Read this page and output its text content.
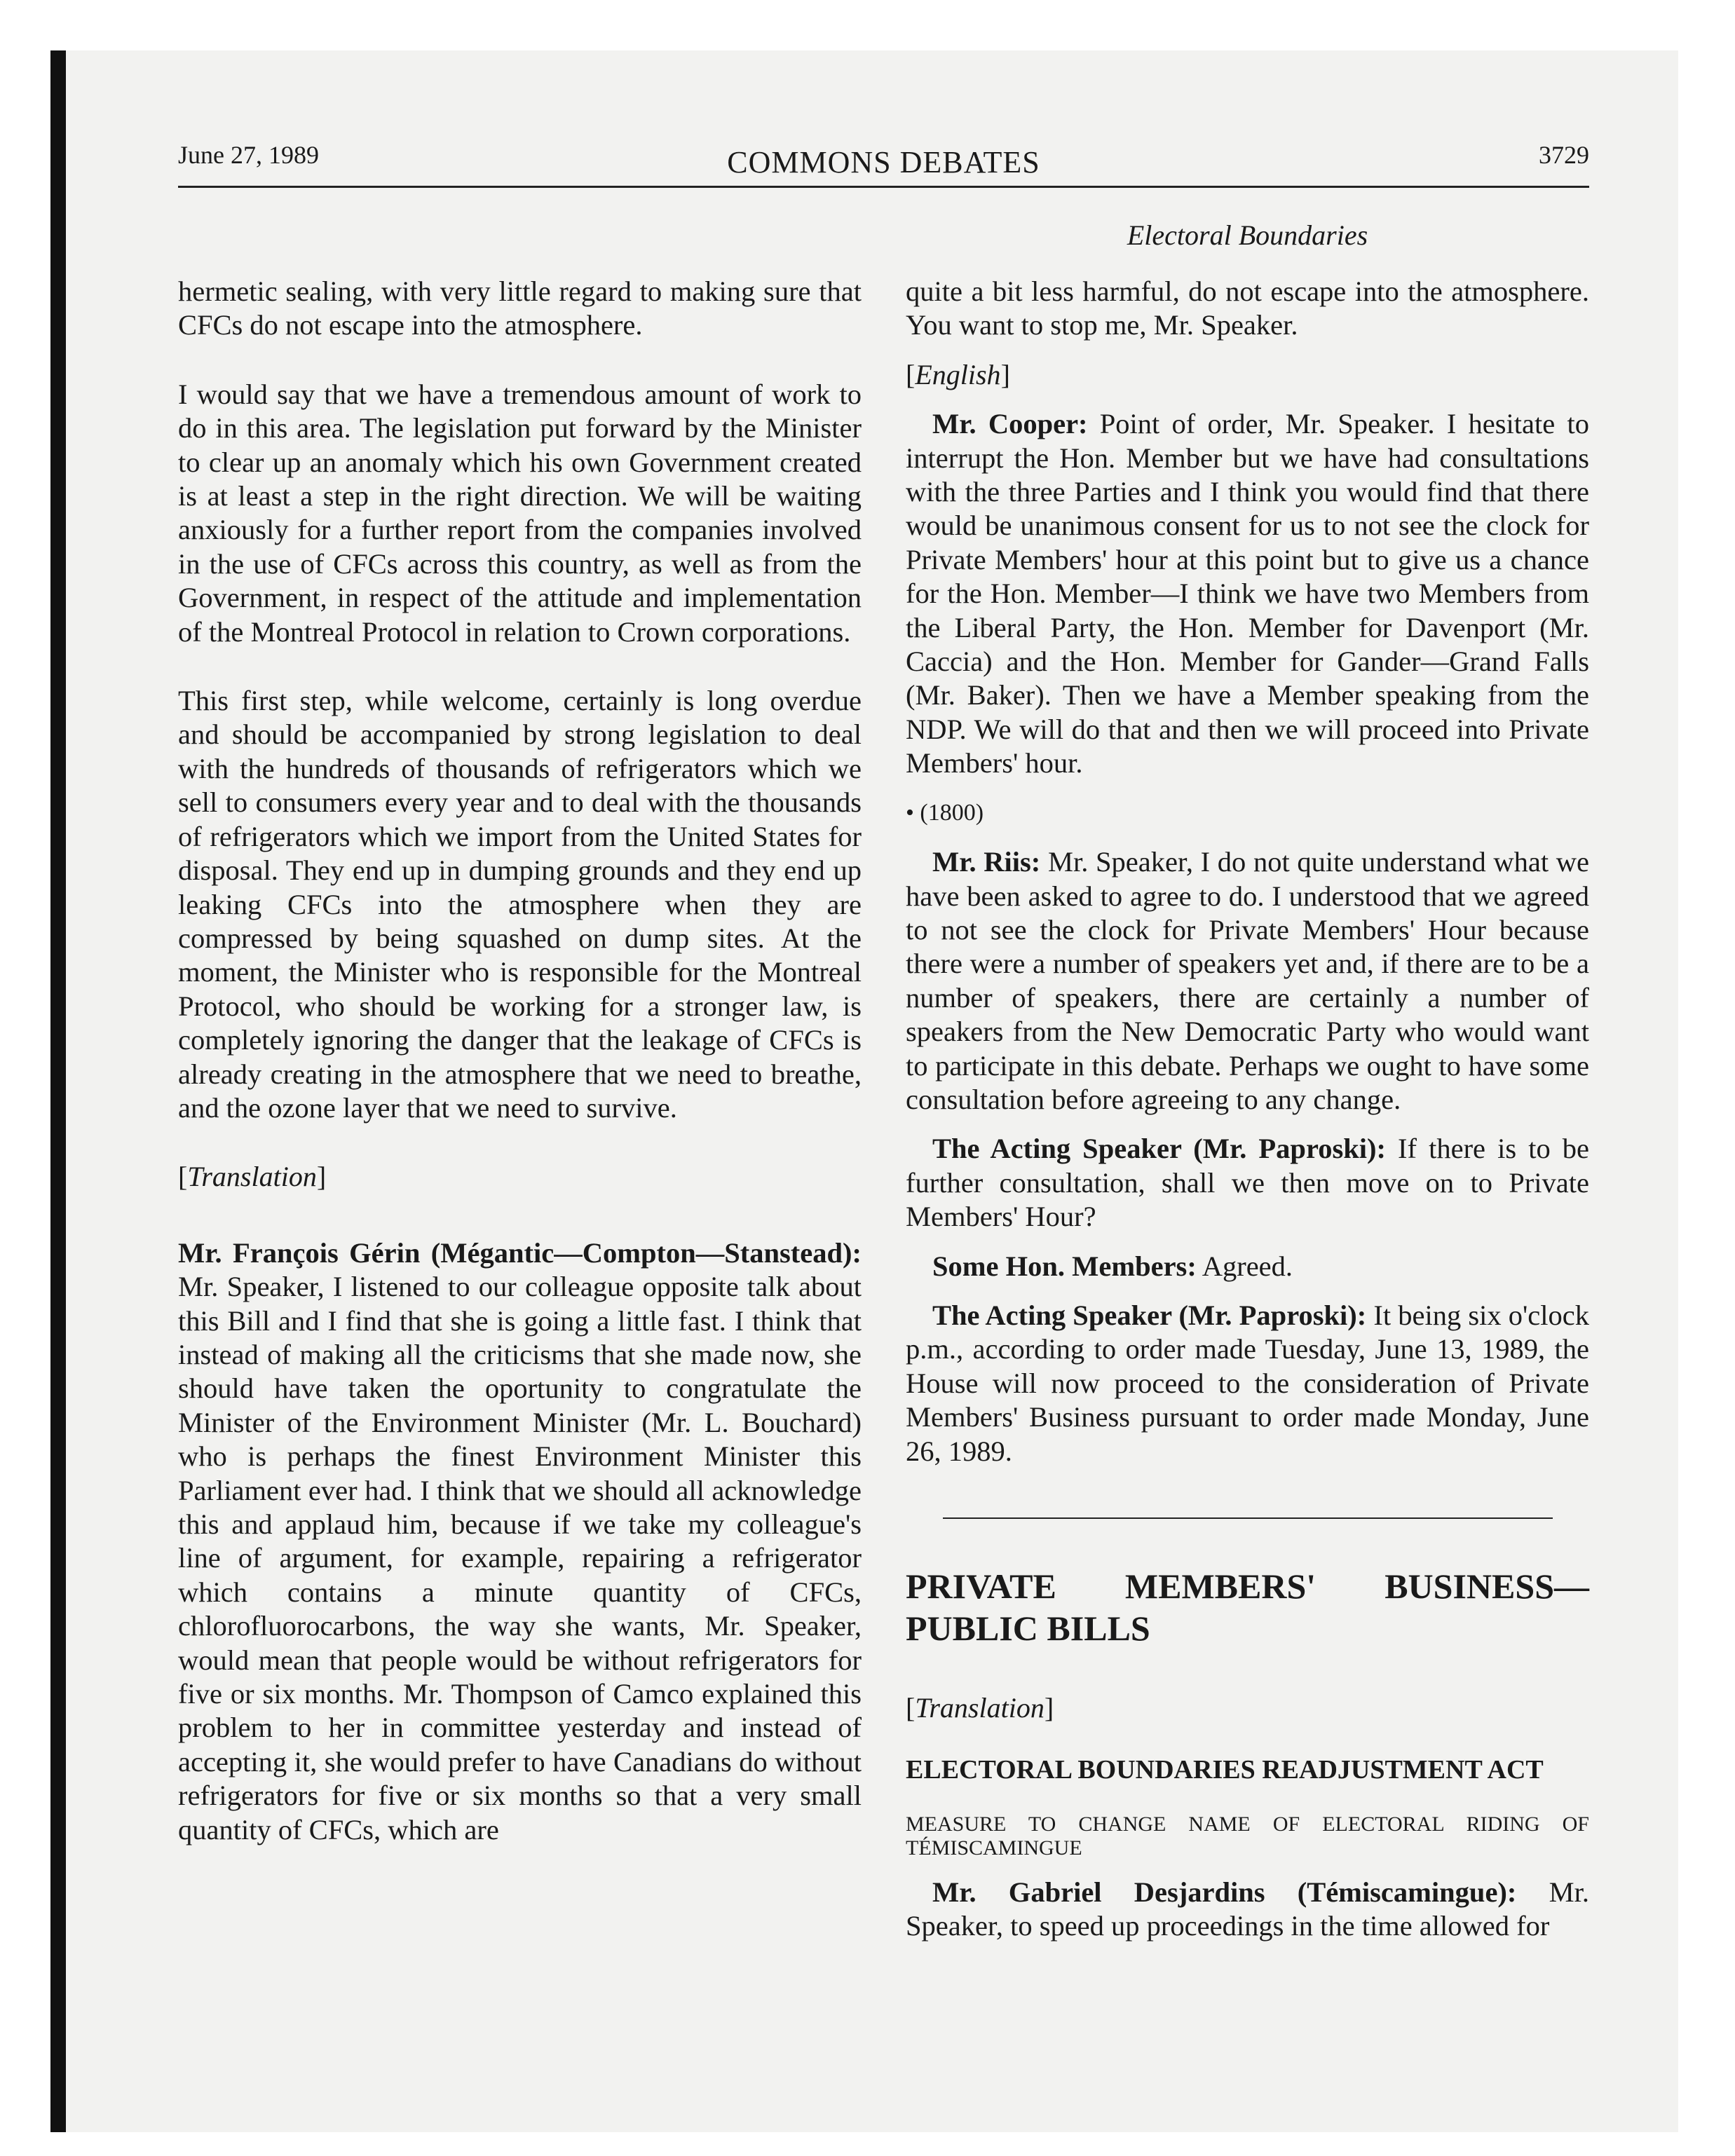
June 27, 1989	COMMONS DEBATES	3729
Electoral Boundaries

hermetic sealing, with very little regard to making sure that CFCs do not escape into the atmosphere.

I would say that we have a tremendous amount of work to do in this area. The legislation put forward by the Minister to clear up an anomaly which his own Government created is at least a step in the right direction. We will be waiting anxiously for a further report from the companies involved in the use of CFCs across this country, as well as from the Government, in respect of the attitude and implementation of the Montreal Protocol in relation to Crown corporations.

This first step, while welcome, certainly is long overdue and should be accompanied by strong legislation to deal with the hundreds of thousands of refrigerators which we sell to consumers every year and to deal with the thousands of refrigerators which we import from the United States for disposal. They end up in dumping grounds and they end up leaking CFCs into the atmosphere when they are compressed by being squashed on dump sites. At the moment, the Minister who is responsible for the Montreal Protocol, who should be working for a stronger law, is completely ignoring the danger that the leakage of CFCs is already creating in the atmosphere that we need to breathe, and the ozone layer that we need to survive.

[Translation]

Mr. François Gérin (Mégantic—Compton—Stanstead): Mr. Speaker, I listened to our colleague opposite talk about this Bill and I find that she is going a little fast. I think that instead of making all the criticisms that she made now, she should have taken the oportunity to congratulate the Minister of the Environment Minister (Mr. L. Bouchard) who is perhaps the finest Environment Minister this Parliament ever had. I think that we should all acknowledge this and applaud him, because if we take my colleague's line of argument, for example, repairing a refrigerator which contains a minute quantity of CFCs, chlorofluorocarbons, the way she wants, Mr. Speaker, would mean that people would be without refrigerators for five or six months. Mr. Thompson of Camco explained this problem to her in committee yesterday and instead of accepting it, she would prefer to have Canadians do without refrigerators for five or six months so that a very small quantity of CFCs, which are

quite a bit less harmful, do not escape into the atmosphere. You want to stop me, Mr. Speaker.

[English]

Mr. Cooper: Point of order, Mr. Speaker. I hesitate to interrupt the Hon. Member but we have had consultations with the three Parties and I think you would find that there would be unanimous consent for us to not see the clock for Private Members' hour at this point but to give us a chance for the Hon. Member—I think we have two Members from the Liberal Party, the Hon. Member for Davenport (Mr. Caccia) and the Hon. Member for Gander—Grand Falls (Mr. Baker). Then we have a Member speaking from the NDP. We will do that and then we will proceed into Private Members' hour.

• (1800)

Mr. Riis: Mr. Speaker, I do not quite understand what we have been asked to agree to do. I understood that we agreed to not see the clock for Private Members' Hour because there were a number of speakers yet and, if there are to be a number of speakers, there are certainly a number of speakers from the New Democratic Party who would want to participate in this debate. Perhaps we ought to have some consultation before agreeing to any change.

The Acting Speaker (Mr. Paproski): If there is to be further consultation, shall we then move on to Private Members' Hour?

Some Hon. Members: Agreed.

The Acting Speaker (Mr. Paproski): It being six o'clock p.m., according to order made Tuesday, June 13, 1989, the House will now proceed to the consideration of Private Members' Business pursuant to order made Monday, June 26, 1989.

PRIVATE MEMBERS' BUSINESS—PUBLIC BILLS

[Translation]

ELECTORAL BOUNDARIES READJUSTMENT ACT

MEASURE TO CHANGE NAME OF ELECTORAL RIDING OF TÉMISCAMINGUE

Mr. Gabriel Desjardins (Témiscamingue): Mr. Speaker, to speed up proceedings in the time allowed for
